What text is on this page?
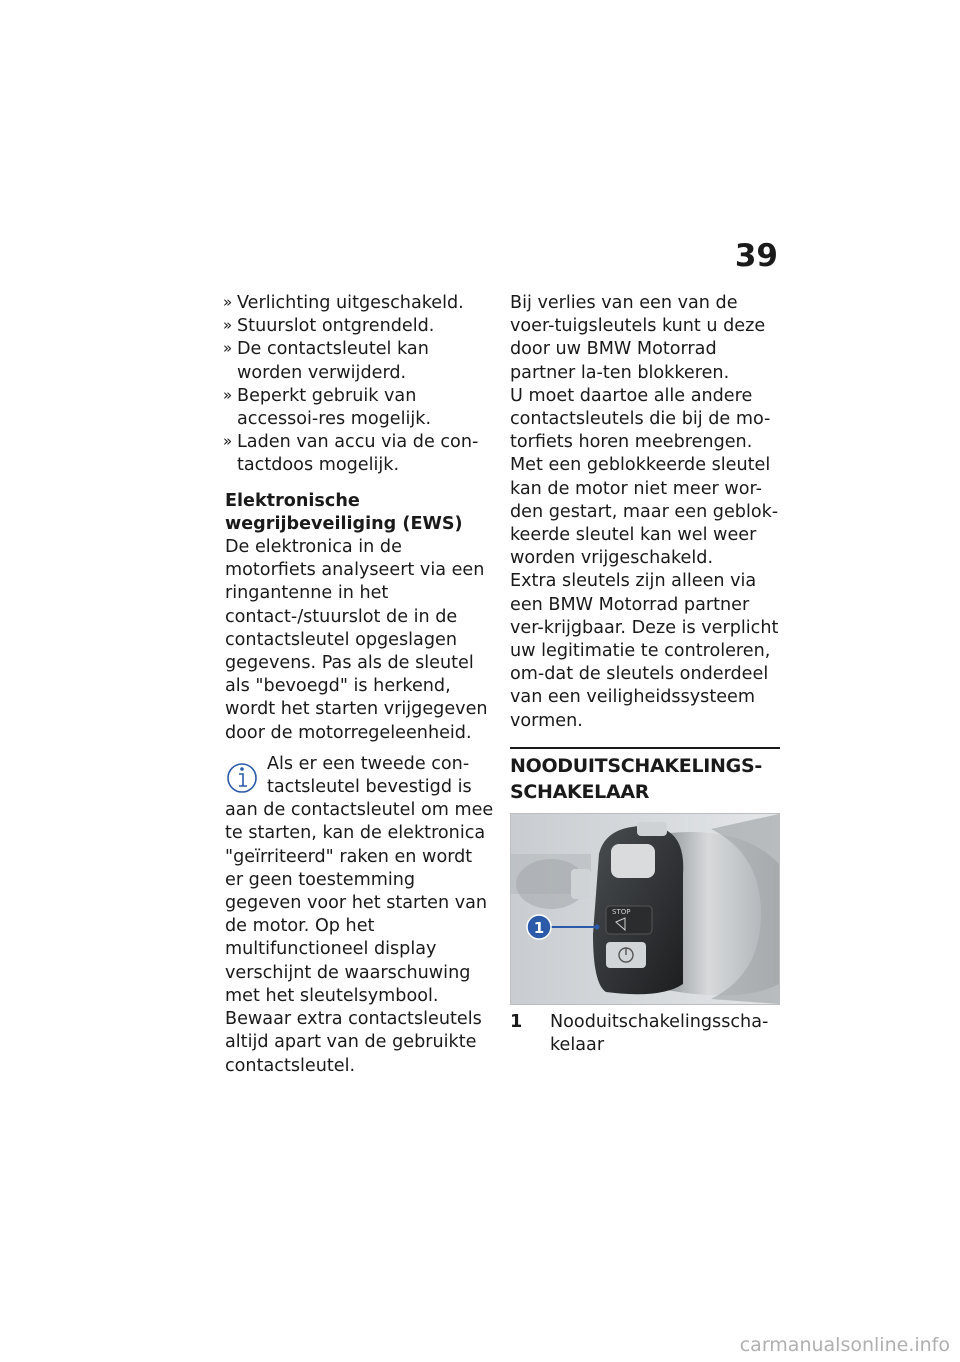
39
» Verlichting uitgeschakeld.
» Stuurslot ontgrendeld.
» De contactsleutel kan worden verwijderd.
» Beperkt gebruik van accessoi-res mogelijk.
» Laden van accu via de con-tactdoos mogelijk.
Elektronische wegrijbeveiliging (EWS)

De elektronica in de motorfiets analyseert via een ringantenne in het contact-/stuurslot de in de contactsleutel opgeslagen gegevens. Pas als de sleutel als "bevoegd" is herkend, wordt het starten vrijgegeven door de motorregeleenheid.

Als er een tweede con-tactsleutel bevestigd is

aan de contactsleutel om mee te starten, kan de elektronica "geïrriteerd" raken en wordt er geen toestemming gegeven voor het starten van de motor. Op het multifunctioneel display verschijnt de waarschuwing met het sleutelsymbool.

Bewaar extra contactsleutels altijd apart van de gebruikte contactsleutel.

Bij verlies van een van de voer-tuigsleutels kunt u deze door uw BMW Motorrad partner la-ten blokkeren.

U moet daartoe alle andere contactsleutels die bij de mo-torfiets horen meebrengen.

Met een geblokkeerde sleutel kan de motor niet meer wor-den gestart, maar een geblok-keerde sleutel kan wel weer worden vrijgeschakeld.

Extra sleutels zijn alleen via een BMW Motorrad partner ver-krijgbaar. Deze is verplicht uw legitimatie te controleren, om-dat de sleutels onderdeel van een veiligheidssysteem vormen.

NOODUITSCHAKELINGS-SCHAKELAAR
STOP
1
1	Nooduitschakelingsscha-kelaar
carmanualsonline.info
